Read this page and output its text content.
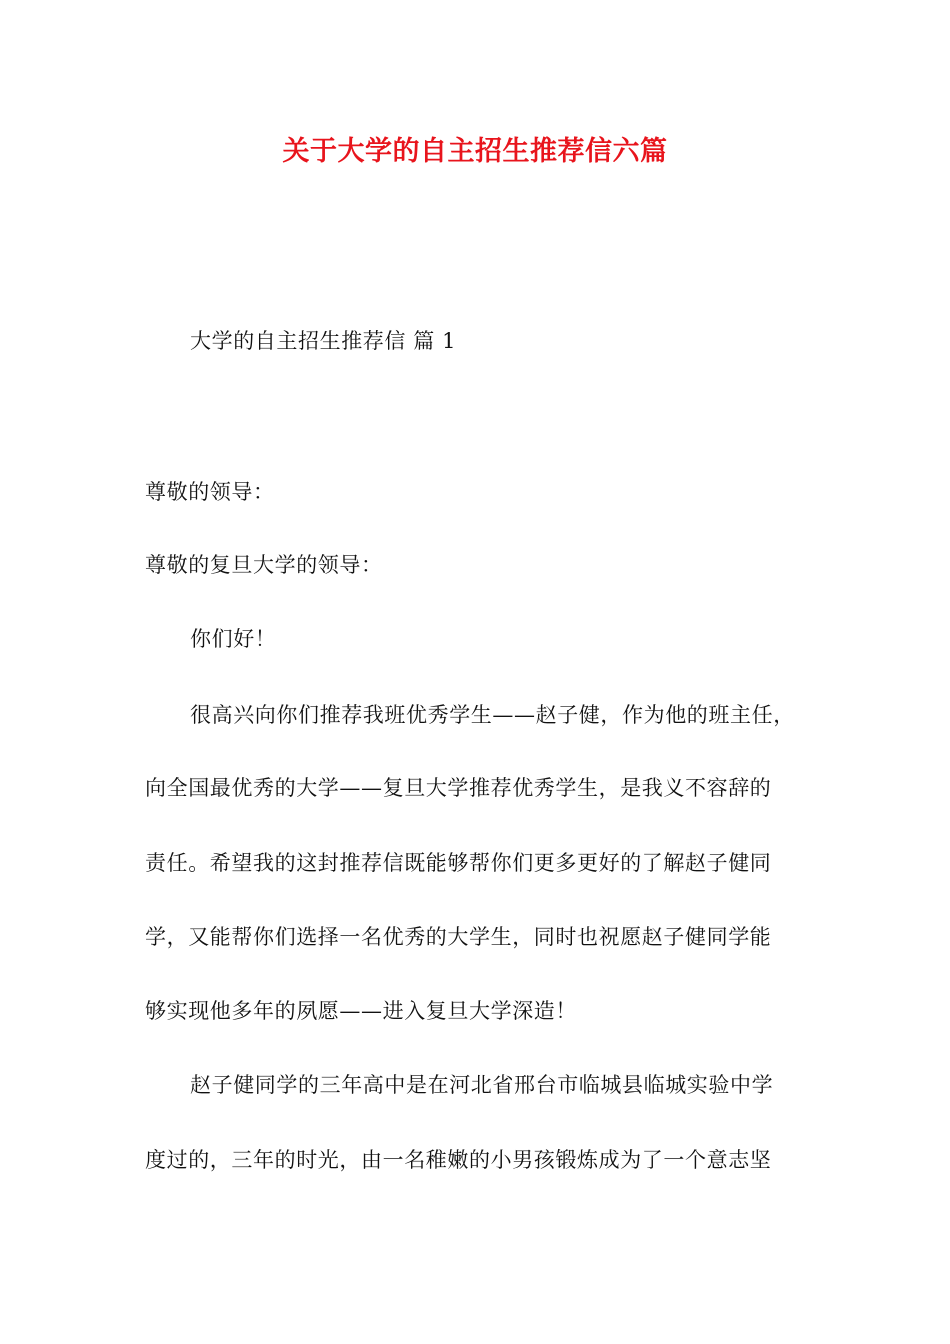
关于大学的自主招生推荐信六篇
大学的自主招生推荐信 篇 1
尊敬的领导：
尊敬的复旦大学的领导：
你们好！
很高兴向你们推荐我班优秀学生——赵子健，作为他的班主任，
向全国最优秀的大学——复旦大学推荐优秀学生，是我义不容辞的
责任。希望我的这封推荐信既能够帮你们更多更好的了解赵子健同
学，又能帮你们选择一名优秀的大学生，同时也祝愿赵子健同学能
够实现他多年的夙愿——进入复旦大学深造！
赵子健同学的三年高中是在河北省邢台市临城县临城实验中学
度过的，三年的时光，由一名稚嫩的小男孩锻炼成为了一个意志坚
